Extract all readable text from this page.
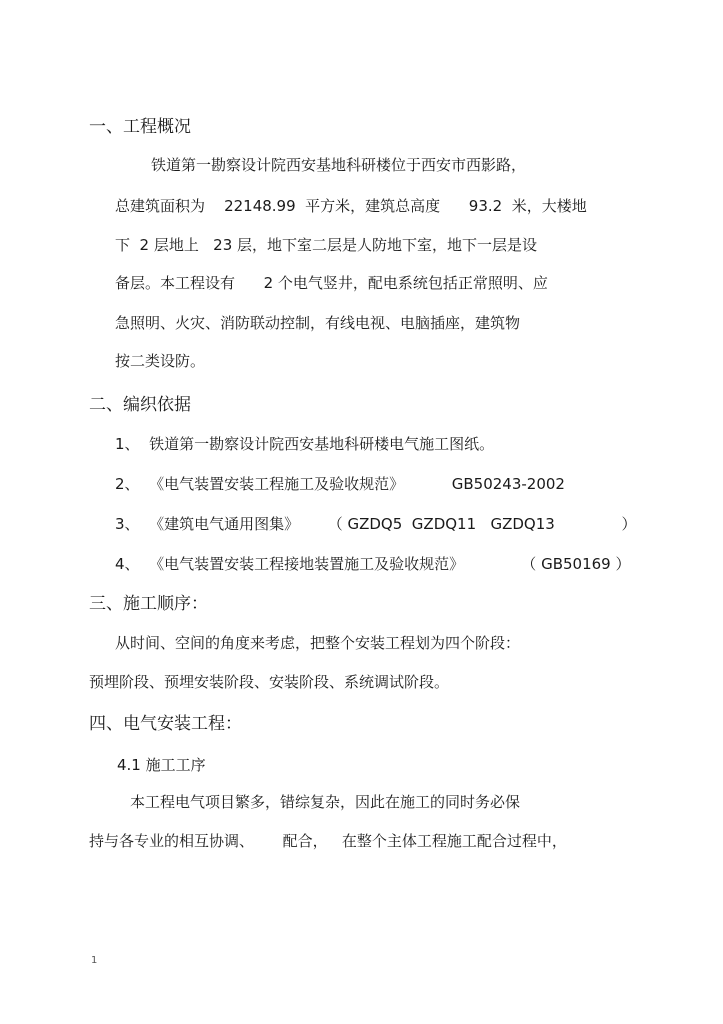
一、工程概况
铁道第一勘察设计院西安基地科研楼位于西安市西影路，
总建筑面积为    22148.99  平方米，建筑总高度      93.2  米，大楼地
下  2 层地上   23 层，地下室二层是人防地下室，地下一层是设
备层。本工程设有      2 个电气竖井，配电系统包括正常照明、应
急照明、火灾、消防联动控制，有线电视、电脑插座，建筑物
按二类设防。
二、编织依据
1、  铁道第一勘察设计院西安基地科研楼电气施工图纸。
2、  《电气装置安装工程施工及验收规范》          GB50243-2002
3、  《建筑电气通用图集》      （ GZDQ5  GZDQ11   GZDQ13              ）
4、  《电气装置安装工程接地装置施工及验收规范》            （ GB50169 ）
三、施工顺序：
从时间、空间的角度来考虑，把整个安装工程划为四个阶段：
预埋阶段、预埋安装阶段、安装阶段、系统调试阶段。
四、电气安装工程：
4.1 施工工序
本工程电气项目繁多，错综复杂，因此在施工的同时务必保
持与各专业的相互协调、      配合，   在整个主体工程施工配合过程中，
1
